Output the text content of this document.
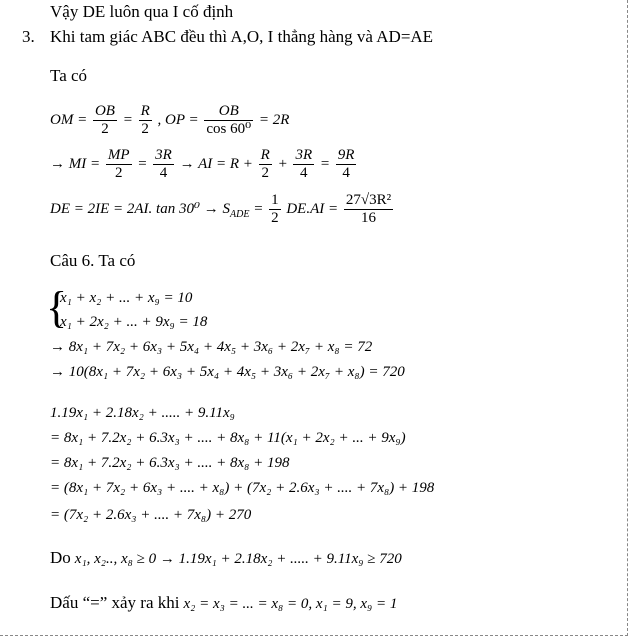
Vậy DE luôn qua I cố định
3. Khi tam giác ABC đều thì A,O, I thẳng hàng và AD=AE
Ta có
OM = $\frac{OB}{2} = \frac{R}{2}$ , OP = $\frac{OB}{\text{cos 60⁰}} = 2R$
→ MI = $\frac{MP}{2} = \frac{3R}{4}$ → AI = $R + \frac{R}{2} + \frac{3R}{4} = \frac{9R}{4}$
DE = 2IE = 2AI. $\tan 30^0 \to S_{ADE} = \frac{1}{2} DE.AI = \frac{\text{27√3R²}}{16}$
Câu 6. Ta có
{
x₁ + x₂ + ... + x₉ = 10
x₁ + 2x₂ + ... + 9x₉ = 18
→ 8x₁ + 7x₂ + 6x₃ + 5x₄ + 4x₅ + 3x₆ + 2x₇ + x₈ = 72
→ 10(8x₁ + 7x₂ + 6x₃ + 5x₄ + 4x₅ + 3x₆ + 2x₇ + x₈) = 720
1.19x₁ + 2.18x₂ + ..... + 9.11x₉
= 8x₁ + 7.2x₂ + 6.3x₃ + .... + 8x₈ + 11(x₁ + 2x₂ + ... + 9x₉)
= 8x₁ + 7.2x₂ + 6.3x₃ + .... + 8x₈ + 198
= (8x₁ + 7x₂ + 6x₃ + .... + x₈) + (7x₂ + 2.6x₃ + .... + 7x₈) + 198
= (7x₂ + 2.6x₃ + .... + 7x₈) + 270
Do x₁, x₂.., x₈ ≥ 0 → 1.19x₁ + 2.18x₂ + ..... + 9.11x₉ ≥ 720
Dấu “=” xảy ra khi x₂ = x₃ = ... = x₈ = 0, x₁ = 9, x₉ = 1
